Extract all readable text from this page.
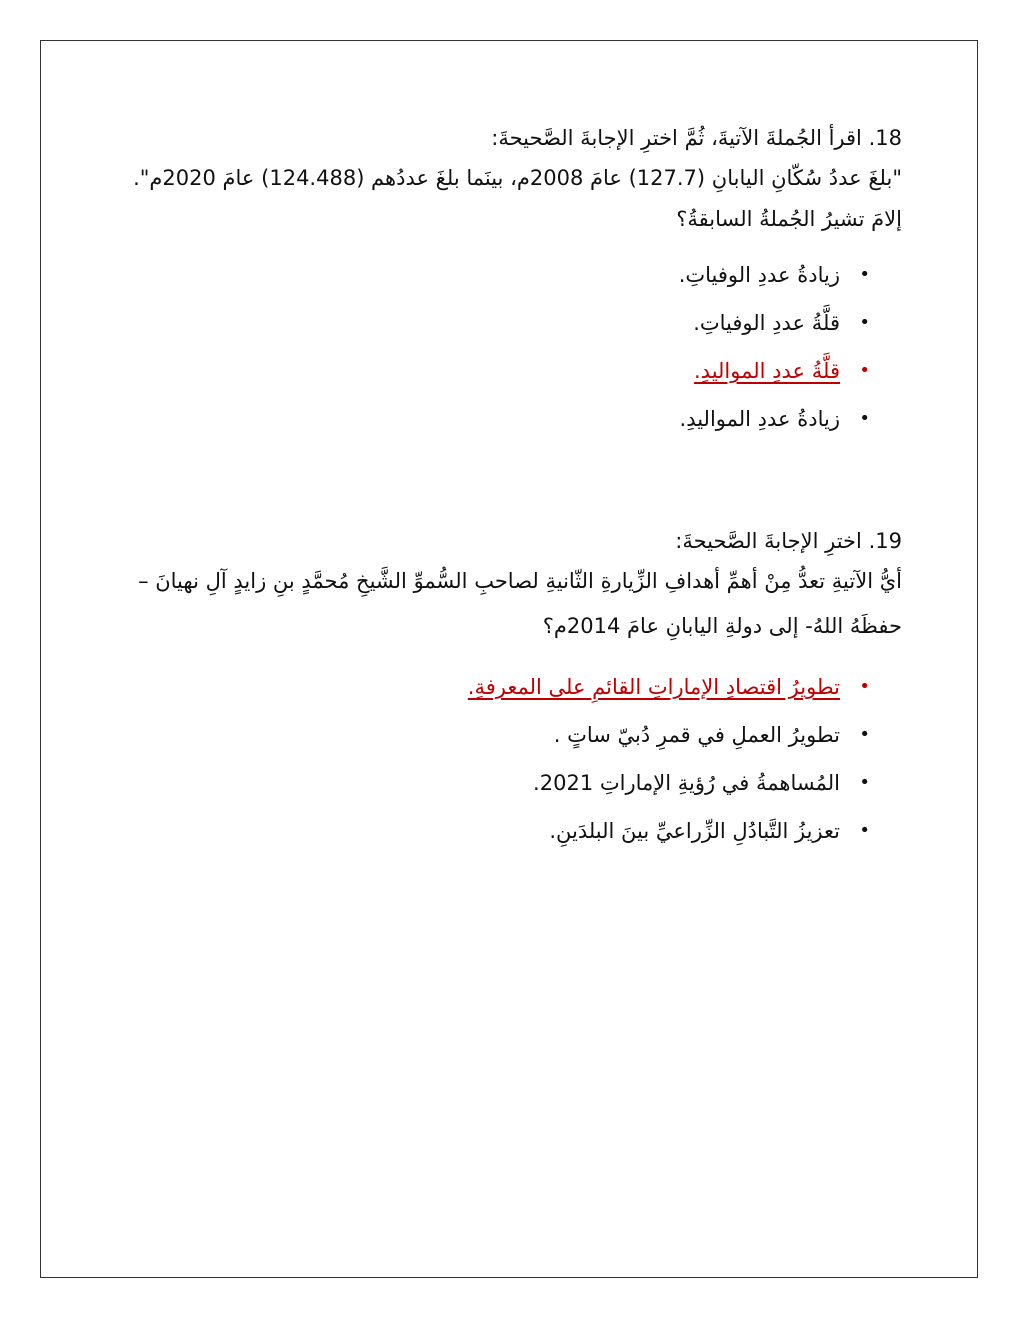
18. اقرأ الجُملةَ الآتيةَ، ثُمَّ اخترِ الإجابةَ الصَّحيحةَ:

"بلغَ عددُ سُكّانِ اليابانِ (127.7) عامَ 2008م، بينَما بلغَ عددُهم (124.488) عامَ 2020م".

إلامَ تشيرُ الجُملةُ السابقةُ؟

•
زيادةُ عددِ الوفياتِ.
•
قلَّةُ عددِ الوفياتِ.
•
قلَّةُ عددِ المواليدِ.
•
زيادةُ عددِ المواليدِ.

19. اخترِ الإجابةَ الصَّحيحةَ:

أيُّ الآتيةِ تعدُّ مِنْ أهمِّ أهدافِ الزِّيارةِ الثّانيةِ لصاحبِ السُّموِّ الشَّيخِ مُحمَّدٍ بنِ زايدٍ آلِ نهيانَ – حفظَهُ اللهُ- إلى دولةِ اليابانِ عامَ 2014م؟

•
تطويرُ اقتصادِ الإماراتِ القائمِ على المعرفةِ.
•
تطويرُ العملِ في قمرِ دُبيّ ساتٍ .
•
المُساهمةُ في رُؤيةِ الإماراتِ 2021.
•
تعزيزُ التَّبادُلِ الزِّراعيِّ بينَ البلدَينِ.
